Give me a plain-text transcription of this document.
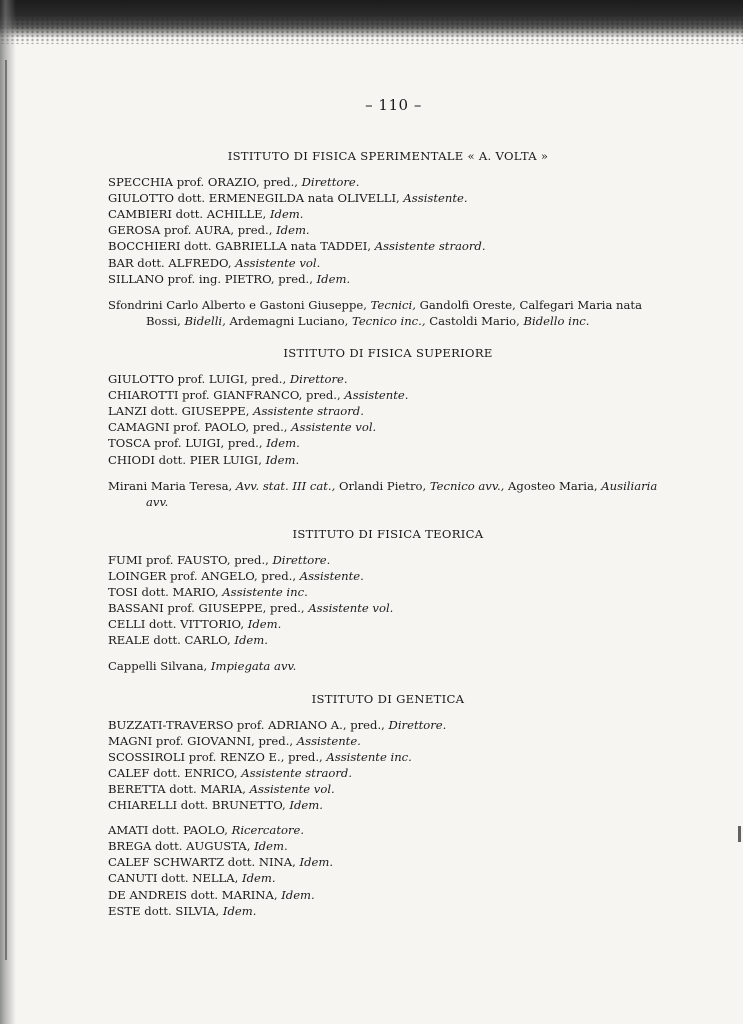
– 110 –
ISTITUTO DI FISICA SPERIMENTALE « A. VOLTA »
SPECCHIA prof. ORAZIO, pred., Direttore.
GIULOTTO dott. ERMENEGILDA nata OLIVELLI, Assistente.
CAMBIERI dott. ACHILLE, Idem.
GEROSA prof. AURA, pred., Idem.
BOCCHIERI dott. GABRIELLA nata TADDEI, Assistente straord.
BAR dott. ALFREDO, Assistente vol.
SILLANO prof. ing. PIETRO, pred., Idem.
Sfondrini Carlo Alberto e Gastoni Giuseppe, Tecnici, Gandolfi Oreste, Calfegari Maria nata Bossi, Bidelli, Ardemagni Luciano, Tecnico inc., Castoldi Mario, Bidello inc.
ISTITUTO DI FISICA SUPERIORE
GIULOTTO prof. LUIGI, pred., Direttore.
CHIAROTTI prof. GIANFRANCO, pred., Assistente.
LANZI dott. GIUSEPPE, Assistente straord.
CAMAGNI prof. PAOLO, pred., Assistente vol.
TOSCA prof. LUIGI, pred., Idem.
CHIODI dott. PIER LUIGI, Idem.
Mirani Maria Teresa, Avv. stat. III cat., Orlandi Pietro, Tecnico avv., Agosteo Maria, Ausiliaria avv.
ISTITUTO DI FISICA TEORICA
FUMI prof. FAUSTO, pred., Direttore.
LOINGER prof. ANGELO, pred., Assistente.
TOSI dott. MARIO, Assistente inc.
BASSANI prof. GIUSEPPE, pred., Assistente vol.
CELLI dott. VITTORIO, Idem.
REALE dott. CARLO, Idem.
Cappelli Silvana, Impiegata avv.
ISTITUTO DI GENETICA
BUZZATI-TRAVERSO prof. ADRIANO A., pred., Direttore.
MAGNI prof. GIOVANNI, pred., Assistente.
SCOSSIROLI prof. RENZO E., pred., Assistente inc.
CALEF dott. ENRICO, Assistente straord.
BERETTA dott. MARIA, Assistente vol.
CHIARELLI dott. BRUNETTO, Idem.
AMATI dott. PAOLO, Ricercatore.
BREGA dott. AUGUSTA, Idem.
CALEF SCHWARTZ dott. NINA, Idem.
CANUTI dott. NELLA, Idem.
DE ANDREIS dott. MARINA, Idem.
ESTE dott. SILVIA, Idem.
